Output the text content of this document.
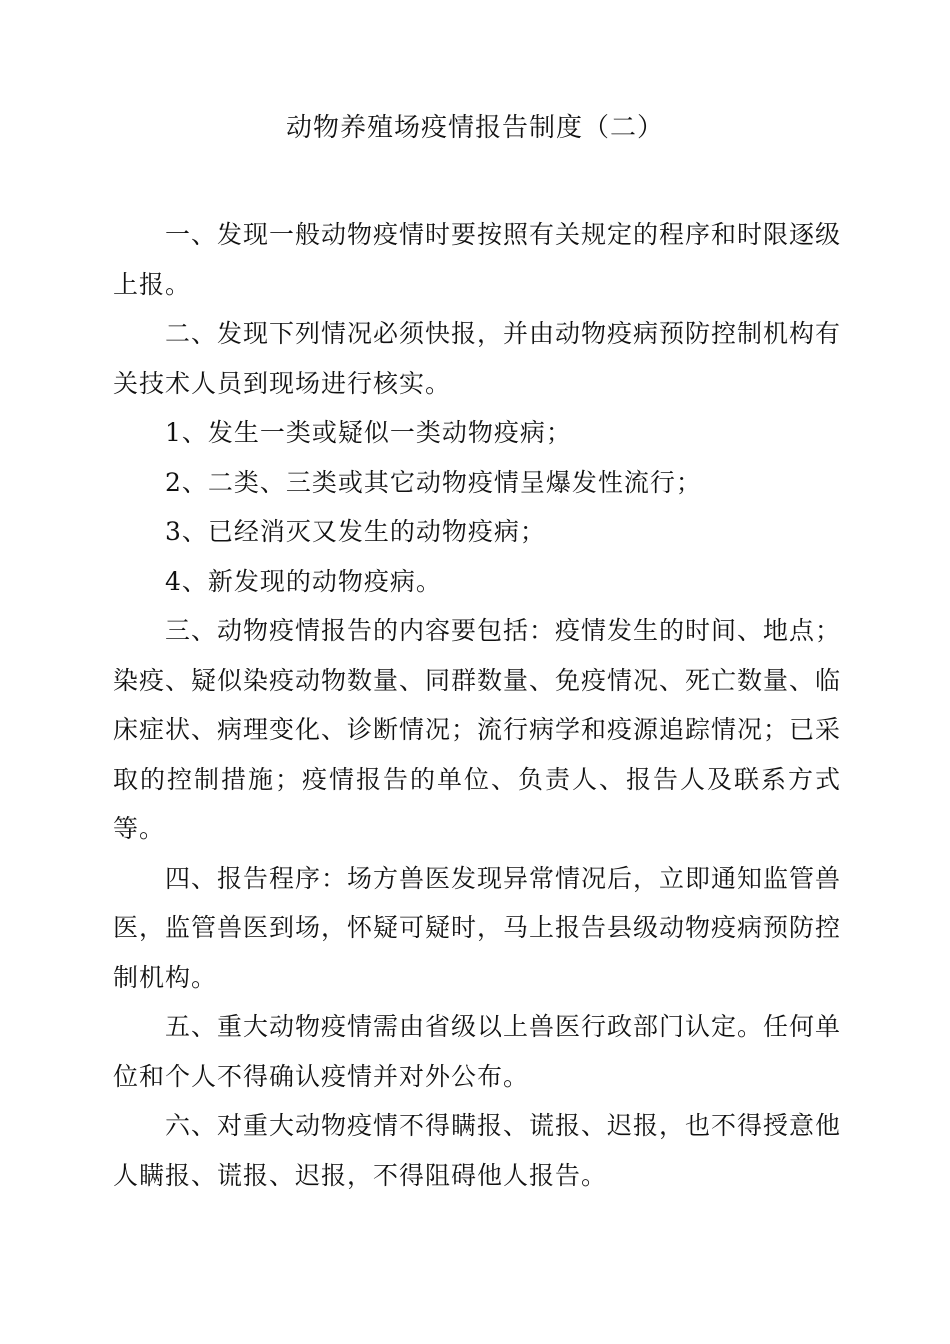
动物养殖场疫情报告制度（二）

一、发现一般动物疫情时要按照有关规定的程序和时限逐级上报。

二、发现下列情况必须快报，并由动物疫病预防控制机构有关技术人员到现场进行核实。

1、发生一类或疑似一类动物疫病；

2、二类、三类或其它动物疫情呈爆发性流行；

3、已经消灭又发生的动物疫病；

4、新发现的动物疫病。

三、动物疫情报告的内容要包括：疫情发生的时间、地点；染疫、疑似染疫动物数量、同群数量、免疫情况、死亡数量、临床症状、病理变化、诊断情况；流行病学和疫源追踪情况；已采取的控制措施；疫情报告的单位、负责人、报告人及联系方式等。

四、报告程序：场方兽医发现异常情况后，立即通知监管兽医，监管兽医到场，怀疑可疑时，马上报告县级动物疫病预防控制机构。

五、重大动物疫情需由省级以上兽医行政部门认定。任何单位和个人不得确认疫情并对外公布。

六、对重大动物疫情不得瞒报、谎报、迟报，也不得授意他人瞒报、谎报、迟报，不得阻碍他人报告。
